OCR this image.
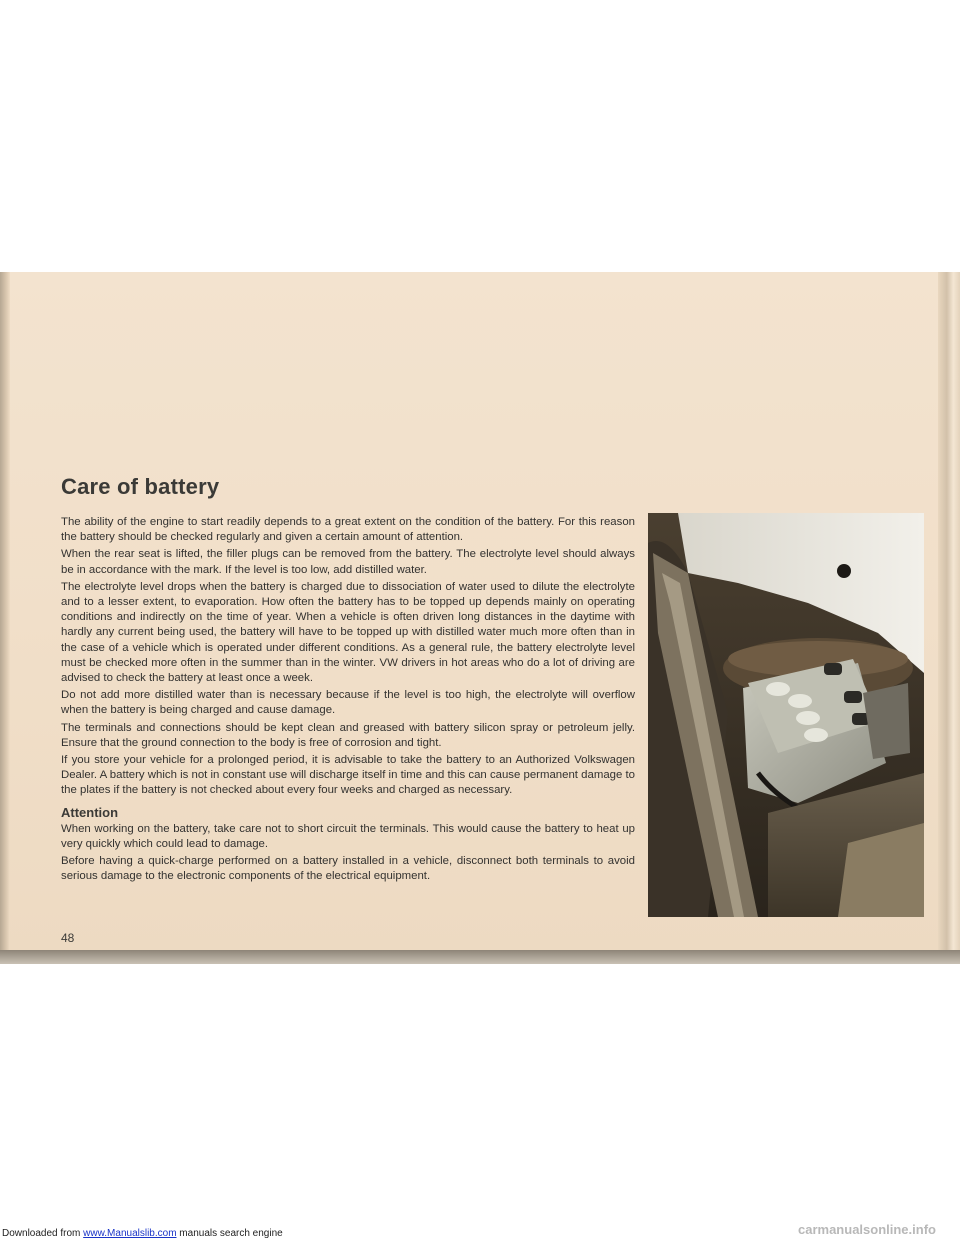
Care of battery

The ability of the engine to start readily depends to a great extent on the condition of the battery. For this reason the battery should be checked regularly and given a certain amount of attention.

When the rear seat is lifted, the filler plugs can be removed from the battery. The electrolyte level should always be in accordance with the mark. If the level is too low, add distilled water.

The electrolyte level drops when the battery is charged due to dissociation of water used to dilute the electrolyte and to a lesser extent, to evaporation. How often the battery has to be topped up depends mainly on operating conditions and indirectly on the time of year. When a vehicle is often driven long distances in the daytime with hardly any current being used, the battery will have to be topped up with distilled water much more often than in the case of a vehicle which is operated under different conditions. As a general rule, the battery electrolyte level must be checked more often in the summer than in the winter. VW drivers in hot areas who do a lot of driving are advised to check the battery at least once a week.

Do not add more distilled water than is necessary because if the level is too high, the electrolyte will overflow when the battery is being charged and cause damage.

The terminals and connections should be kept clean and greased with battery silicon spray or petroleum jelly. Ensure that the ground connection to the body is free of corrosion and tight.

If you store your vehicle for a prolonged period, it is advisable to take the battery to an Authorized Volkswagen Dealer. A battery which is not in constant use will discharge itself in time and this can cause permanent damage to the plates if the battery is not checked about every four weeks and charged as necessary.

Attention

When working on the battery, take care not to short circuit the terminals. This would cause the battery to heat up very quickly which could lead to damage.

Before having a quick-charge performed on a battery installed in a vehicle, disconnect both terminals to avoid serious damage to the electronic components of the electrical equipment.

48
Downloaded from www.Manualslib.com manuals search engine	carmanualsonline.info
